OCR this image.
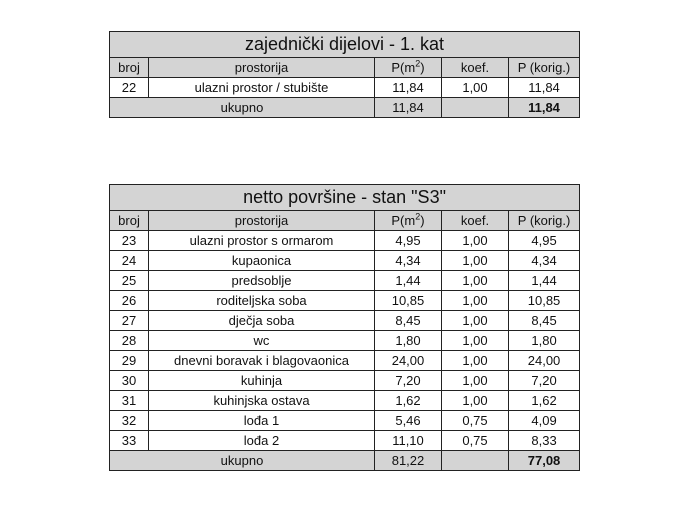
zajednički dijelovi - 1. kat				
broj	prostorija	$P(m^2)$	koef.	P (korig.)
22	ulazni prostor / stubište	11,84	1,00	11,84
ukupno		11,84		11,84
netto površine - stan "S3"				
broj	prostorija	$P(m^2)$	koef.	P (korig.)
23	ulazni prostor s ormarom	4,95	1,00	4,95
24	kupaonica	4,34	1,00	4,34
25	predsoblje	1,44	1,00	1,44
26	roditeljska soba	10,85	1,00	10,85
27	dječja soba	8,45	1,00	8,45
28	wc	1,80	1,00	1,80
29	dnevni boravak i blagovaonica	24,00	1,00	24,00
30	kuhinja	7,20	1,00	7,20
31	kuhinjska ostava	1,62	1,00	1,62
32	lođa 1	5,46	0,75	4,09
33	lođa 2	11,10	0,75	8,33
ukupno		81,22		77,08
